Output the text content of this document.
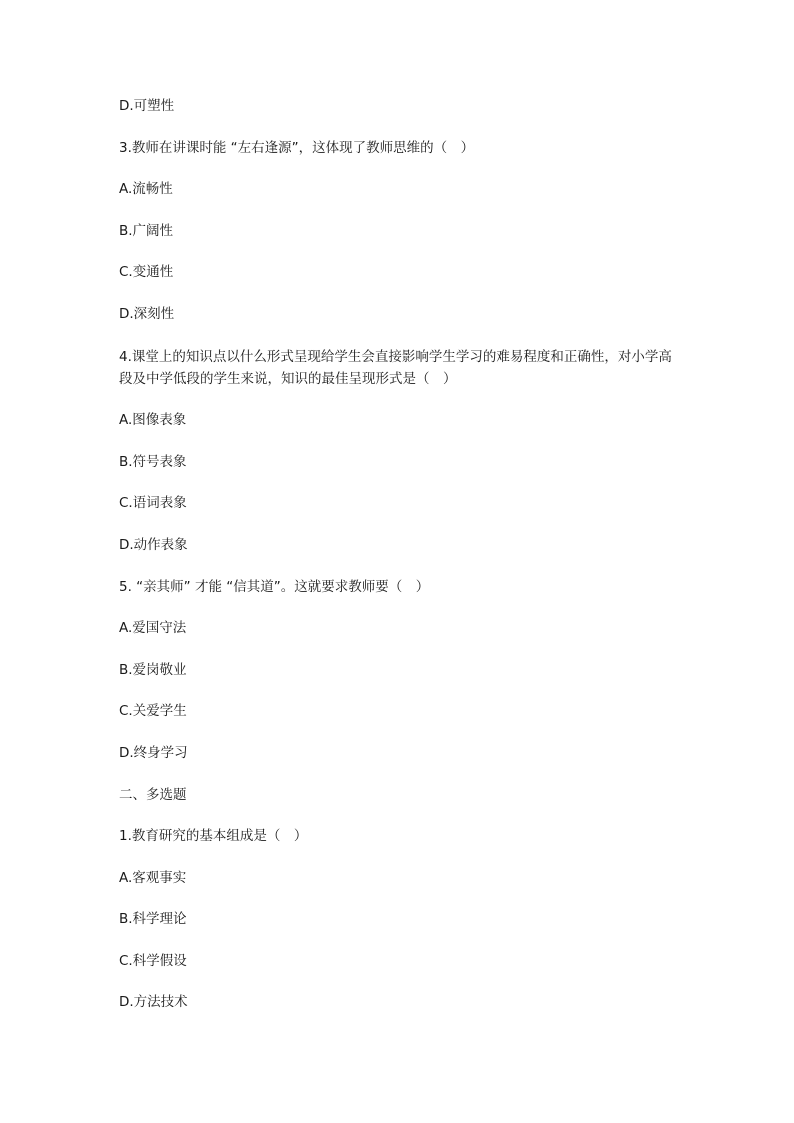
D.可塑性

3.教师在讲课时能 “左右逢源”，这体现了教师思维的（　）

A.流畅性

B.广阔性

C.变通性

D.深刻性

4.课堂上的知识点以什么形式呈现给学生会直接影响学生学习的难易程度和正确性，对小学高段及中学低段的学生来说，知识的最佳呈现形式是（　）

A.图像表象

B.符号表象

C.语词表象

D.动作表象

5. “亲其师” 才能 “信其道”。这就要求教师要（　）

A.爱国守法

B.爱岗敬业

C.关爱学生

D.终身学习

二、多选题

1.教育研究的基本组成是（　）

A.客观事实

B.科学理论

C.科学假设

D.方法技术
